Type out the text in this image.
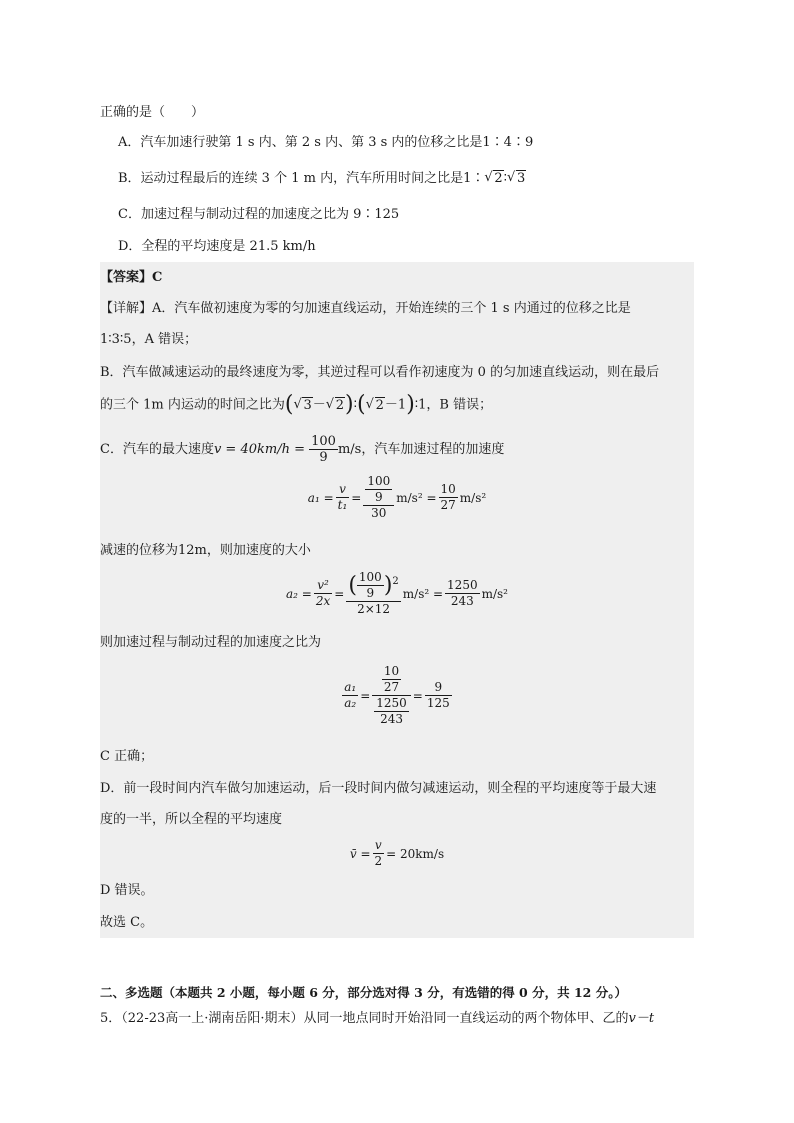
正确的是（　　）
A．汽车加速行驶第 1 s 内、第 2 s 内、第 3 s 内的位移之比是1∶4∶9
B．运动过程最后的连续 3 个 1 m 内，汽车所用时间之比是1∶ √ 2∶ √ 3
C．加速过程与制动过程的加速度之比为 9∶125
D．全程的平均速度是 21.5 km/h
【答案】C
【详解】A．汽车做初速度为零的匀加速直线运动，开始连续的三个 1 s 内通过的位移之比是
1∶3∶5，A 错误；
B．汽车做减速运动的最终速度为零，其逆过程可以看作初速度为 0 的匀加速直线运动，则在最后
的三个 1m 内运动的时间之比为( √ 3－ √ 2)∶( √ 2－1)∶1，B 错误；
C．汽车的最大速度$v = 40km/h = \frac{100}{9} m/s$，汽车加速过程的加速度
$a_1 = \frac{v}{\text{t₁}} = \frac{\frac{100}{9}}{30} m/s^2 = \frac{10}{27} m/s^2$
减速的位移为12m，则加速度的大小
$a_2 = \frac{\text{v²}}{2x} = \frac{( \frac{100}{9} )^2}{2\times 12} m/s^2 = \frac{1250}{243} m/s^2$
则加速过程与制动过程的加速度之比为
$\frac{\text{a₁}}{\text{a₂}} = \frac{\frac{10}{27}}{\frac{1250}{243}} = \frac{9}{125}$
C 正确；
D．前一段时间内汽车做匀加速运动，后一段时间内做匀减速运动，则全程的平均速度等于最大速
度的一半，所以全程的平均速度
v̄ = $\frac{v}{2} = 20km/s$
D 错误。
故选 C。
二、多选题（本题共 2 小题，每小题 6 分，部分选对得 3 分，有选错的得 0 分，共 12 分。）
5．（22-23高一上·湖南岳阳·期末）从同一地点同时开始沿同一直线运动的两个物体甲、乙的v－t
